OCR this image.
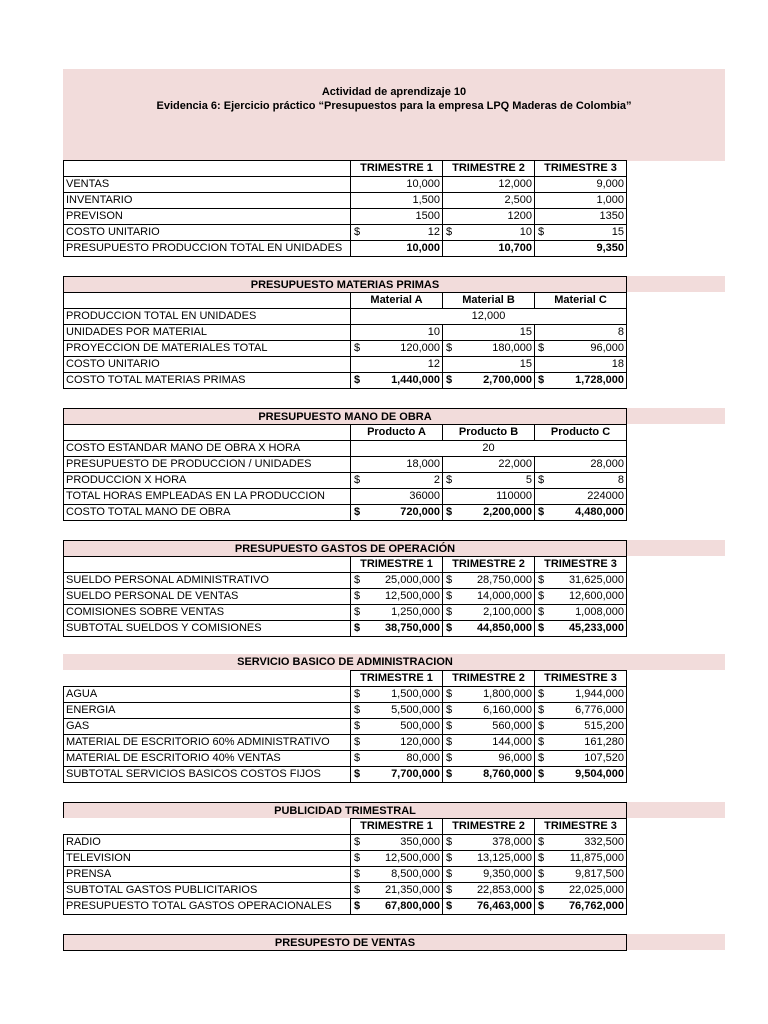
Actividad de aprendizaje 10
Evidencia 6: Ejercicio práctico “Presupuestos para la empresa LPQ Maderas de Colombia”
	TRIMESTRE 1	TRIMESTRE 2	TRIMESTRE 3
VENTAS	10,000	12,000	9,000
INVENTARIO	1,500	2,500	1,000
PREVISON	1500	1200	1350
COSTO UNITARIO	$ 12	$ 10	$ 15
PRESUPUESTO PRODUCCION TOTAL EN UNIDADES	10,000	10,700	9,350
PRESUPUESTO MATERIAS PRIMAS
	Material A	Material B	Material C
PRODUCCION TOTAL EN UNIDADES	12,000		
UNIDADES POR MATERIAL	10	15	8
PROYECCION DE MATERIALES TOTAL	$ 120,000	$ 180,000	$ 96,000
COSTO UNITARIO	12	15	18
COSTO TOTAL MATERIAS PRIMAS	$ 1,440,000	$ 2,700,000	$ 1,728,000
PRESUPUESTO MANO DE OBRA
	Producto A	Producto B	Producto C
COSTO ESTANDAR MANO DE OBRA X HORA	20		
PRESUPUESTO DE PRODUCCION / UNIDADES	18,000	22,000	28,000
PRODUCCION X HORA	$ 2	$ 5	$ 8
TOTAL HORAS EMPLEADAS EN LA PRODUCCION	36000	110000	224000
COSTO TOTAL MANO DE OBRA	$ 720,000	$ 2,200,000	$ 4,480,000
PRESUPUESTO GASTOS DE OPERACIÓN
	TRIMESTRE 1	TRIMESTRE 2	TRIMESTRE 3
SUELDO PERSONAL ADMINISTRATIVO	$ 25,000,000	$ 28,750,000	$ 31,625,000
SUELDO PERSONAL DE VENTAS	$ 12,500,000	$ 14,000,000	$ 12,600,000
COMISIONES SOBRE VENTAS	$ 1,250,000	$ 2,100,000	$ 1,008,000
SUBTOTAL SUELDOS Y COMISIONES	$ 38,750,000	$ 44,850,000	$ 45,233,000
SERVICIO BASICO DE ADMINISTRACION
	TRIMESTRE 1	TRIMESTRE 2	TRIMESTRE 3
AGUA	$ 1,500,000	$ 1,800,000	$ 1,944,000
ENERGIA	$ 5,500,000	$ 6,160,000	$ 6,776,000
GAS	$ 500,000	$ 560,000	$ 515,200
MATERIAL DE ESCRITORIO 60% ADMINISTRATIVO	$ 120,000	$ 144,000	$ 161,280
MATERIAL DE ESCRITORIO 40% VENTAS	$ 80,000	$ 96,000	$ 107,520
SUBTOTAL SERVICIOS BASICOS COSTOS FIJOS	$ 7,700,000	$ 8,760,000	$ 9,504,000
PUBLICIDAD TRIMESTRAL
	TRIMESTRE 1	TRIMESTRE 2	TRIMESTRE 3
RADIO	$ 350,000	$ 378,000	$ 332,500
TELEVISION	$ 12,500,000	$ 13,125,000	$ 11,875,000
PRENSA	$ 8,500,000	$ 9,350,000	$ 9,817,500
SUBTOTAL GASTOS PUBLICITARIOS	$ 21,350,000	$ 22,853,000	$ 22,025,000
PRESUPUESTO TOTAL GASTOS OPERACIONALES	$ 67,800,000	$ 76,463,000	$ 76,762,000
PRESUPESTO DE VENTAS
